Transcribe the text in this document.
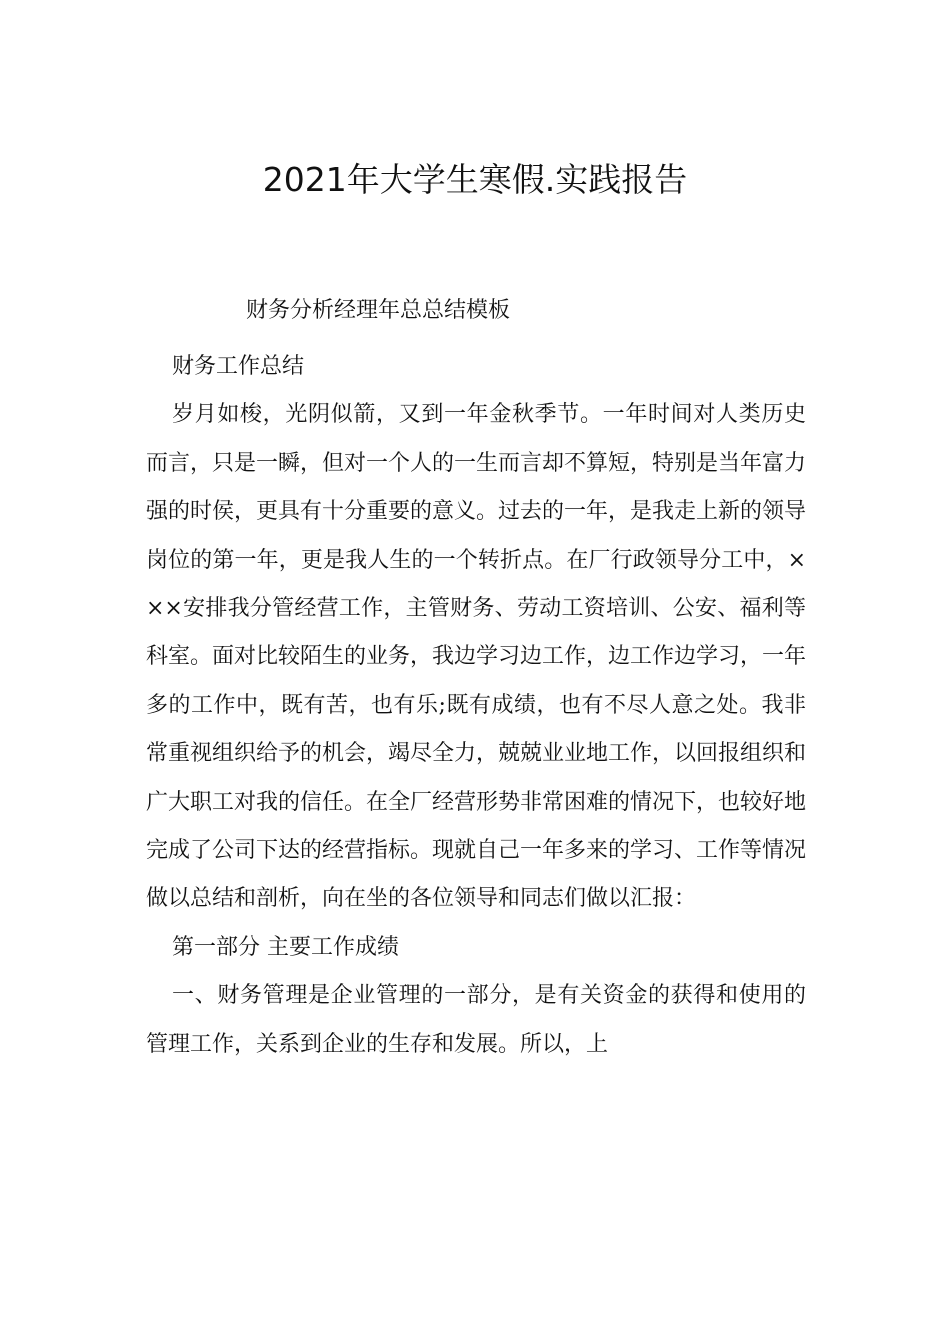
2021年大学生寒假.实践报告
财务分析经理年总总结模板

财务工作总结

岁月如梭，光阴似箭，又到一年金秋季节。一年时间对人类历史而言，只是一瞬，但对一个人的一生而言却不算短，特别是当年富力强的时侯，更具有十分重要的意义。过去的一年，是我走上新的领导岗位的第一年，更是我人生的一个转折点。在厂行政领导分工中，×××安排我分管经营工作，主管财务、劳动工资培训、公安、福利等科室。面对比较陌生的业务，我边学习边工作，边工作边学习，一年多的工作中，既有苦，也有乐;既有成绩，也有不尽人意之处。我非常重视组织给予的机会，竭尽全力，兢兢业业地工作，以回报组织和广大职工对我的信任。在全厂经营形势非常困难的情况下，也较好地完成了公司下达的经营指标。现就自己一年多来的学习、工作等情况做以总结和剖析，向在坐的各位领导和同志们做以汇报：

第一部分 主要工作成绩

一、财务管理是企业管理的一部分，是有关资金的获得和使用的管理工作，关系到企业的生存和发展。所以，上
